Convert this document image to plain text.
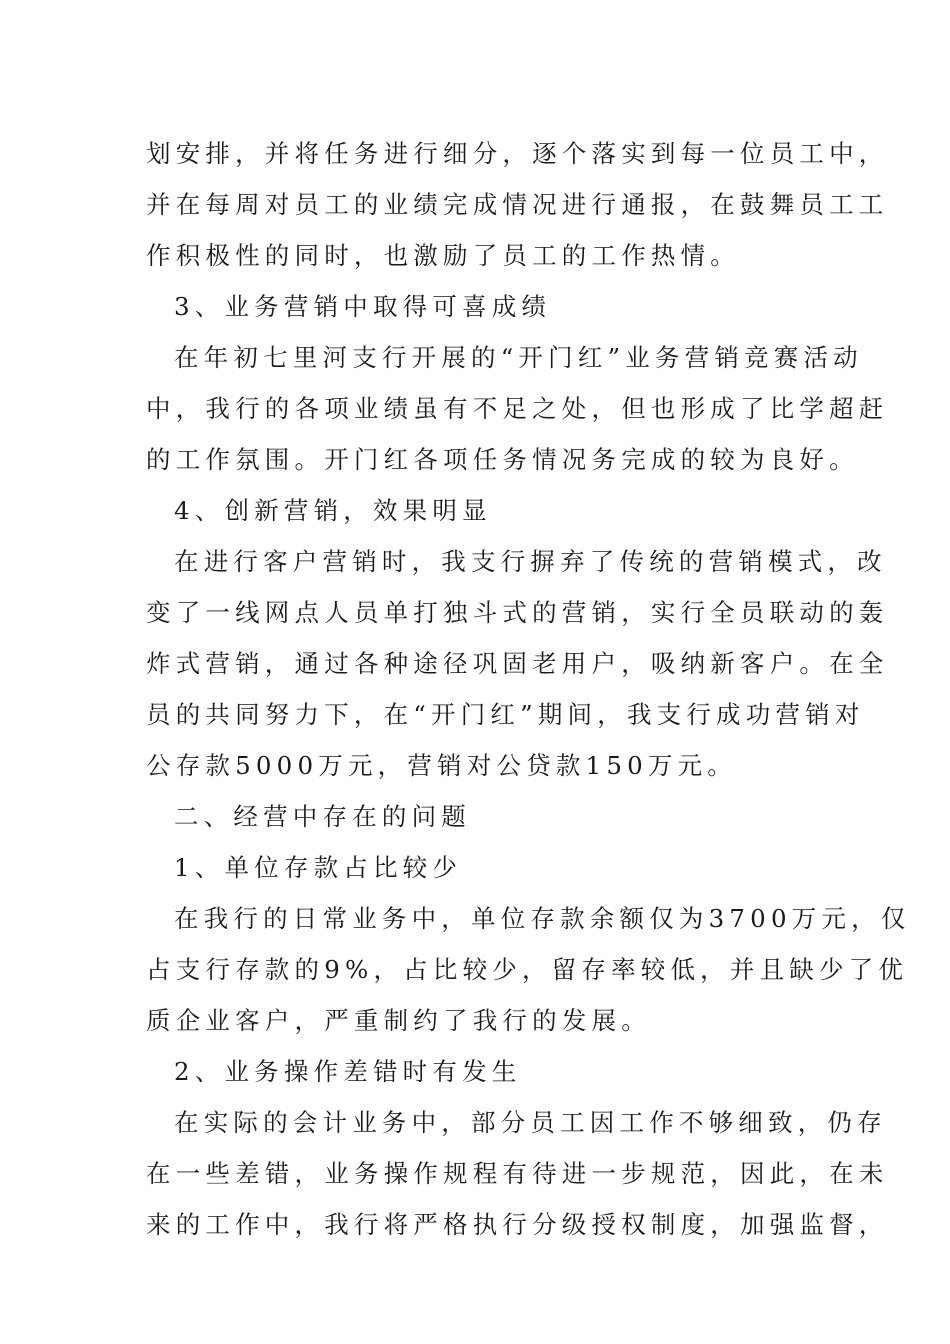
划安排，并将任务进行细分，逐个落实到每一位员工中，
并在每周对员工的业绩完成情况进行通报，在鼓舞员工工
作积极性的同时，也激励了员工的工作热情。
3、业务营销中取得可喜成绩
在年初七里河支行开展的“开门红”业务营销竞赛活动
中，我行的各项业绩虽有不足之处，但也形成了比学超赶
的工作氛围。开门红各项任务情况务完成的较为良好。
4、创新营销，效果明显
在进行客户营销时，我支行摒弃了传统的营销模式，改
变了一线网点人员单打独斗式的营销，实行全员联动的轰
炸式营销，通过各种途径巩固老用户，吸纳新客户。在全
员的共同努力下，在“开门红”期间，我支行成功营销对
公存款5000万元，营销对公贷款150万元。
二、经营中存在的问题
1、单位存款占比较少
在我行的日常业务中，单位存款余额仅为3700万元，仅
占支行存款的9%，占比较少，留存率较低，并且缺少了优
质企业客户，严重制约了我行的发展。
2、业务操作差错时有发生
在实际的会计业务中，部分员工因工作不够细致，仍存
在一些差错，业务操作规程有待进一步规范，因此，在未
来的工作中，我行将严格执行分级授权制度，加强监督，
